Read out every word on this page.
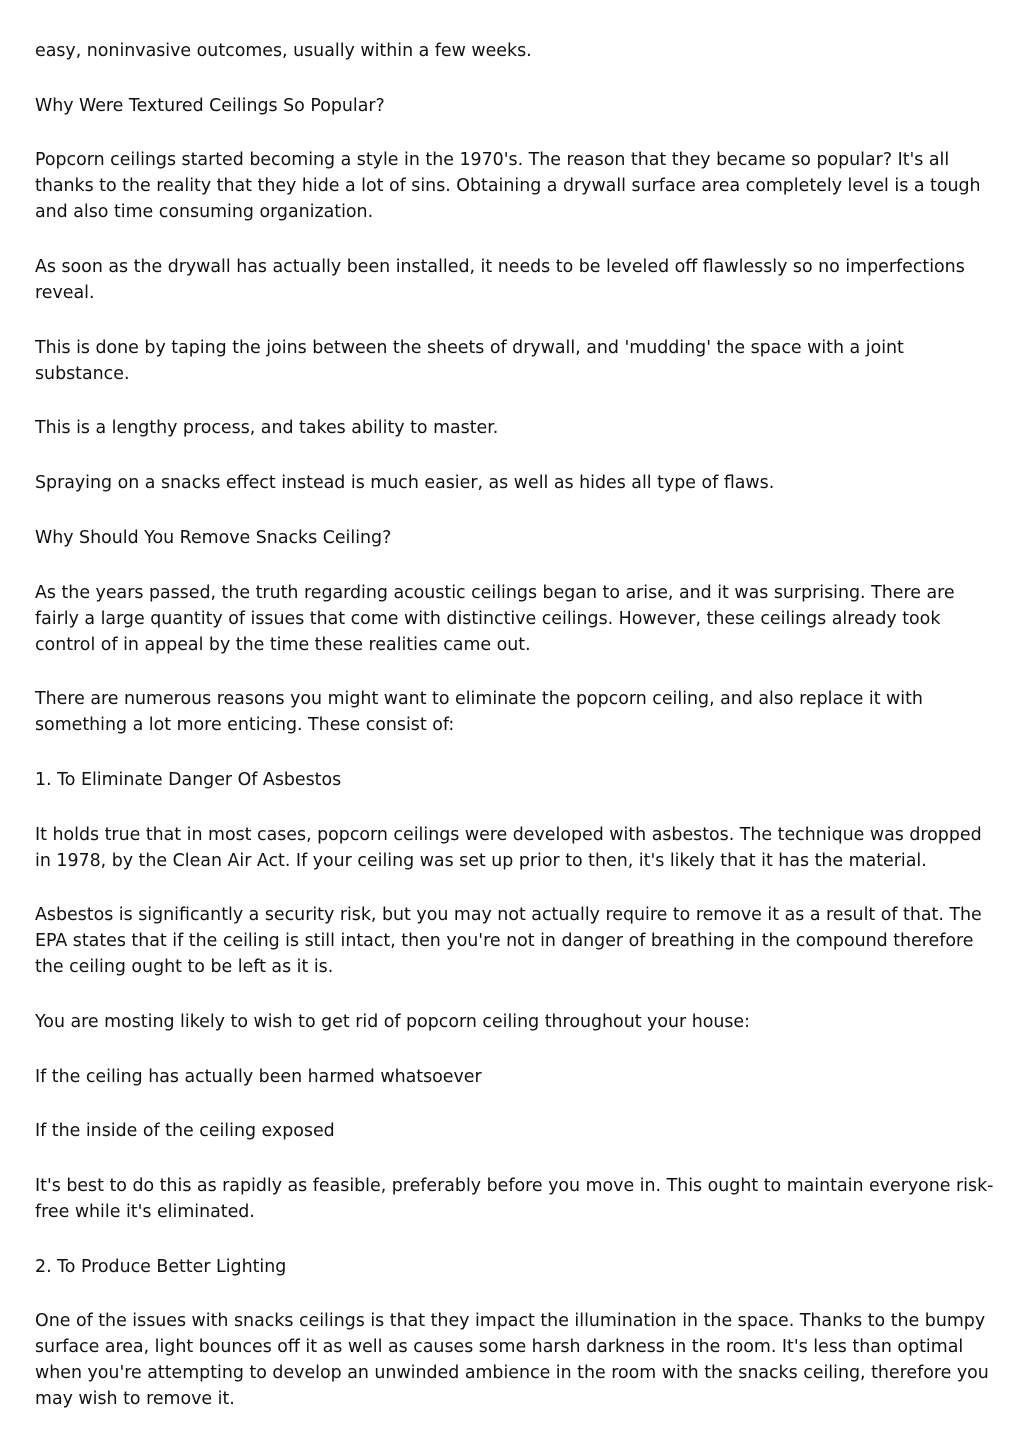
easy, noninvasive outcomes, usually within a few weeks.

Why Were Textured Ceilings So Popular?

Popcorn ceilings started becoming a style in the 1970's. The reason that they became so popular? It's all thanks to the reality that they hide a lot of sins. Obtaining a drywall surface area completely level is a tough and also time consuming organization.

As soon as the drywall has actually been installed, it needs to be leveled off flawlessly so no imperfections reveal.

This is done by taping the joins between the sheets of drywall, and 'mudding' the space with a joint substance.

This is a lengthy process, and takes ability to master.

Spraying on a snacks effect instead is much easier, as well as hides all type of flaws.

Why Should You Remove Snacks Ceiling?

As the years passed, the truth regarding acoustic ceilings began to arise, and it was surprising. There are fairly a large quantity of issues that come with distinctive ceilings. However, these ceilings already took control of in appeal by the time these realities came out.

There are numerous reasons you might want to eliminate the popcorn ceiling, and also replace it with something a lot more enticing. These consist of:

1. To Eliminate Danger Of Asbestos

It holds true that in most cases, popcorn ceilings were developed with asbestos. The technique was dropped in 1978, by the Clean Air Act. If your ceiling was set up prior to then, it's likely that it has the material.

Asbestos is significantly a security risk, but you may not actually require to remove it as a result of that. The EPA states that if the ceiling is still intact, then you're not in danger of breathing in the compound therefore the ceiling ought to be left as it is.

You are mosting likely to wish to get rid of popcorn ceiling throughout your house:

If the ceiling has actually been harmed whatsoever

If the inside of the ceiling exposed

It's best to do this as rapidly as feasible, preferably before you move in. This ought to maintain everyone risk-free while it's eliminated.

2. To Produce Better Lighting

One of the issues with snacks ceilings is that they impact the illumination in the space. Thanks to the bumpy surface area, light bounces off it as well as causes some harsh darkness in the room. It's less than optimal when you're attempting to develop an unwinded ambience in the room with the snacks ceiling, therefore you may wish to remove it.
